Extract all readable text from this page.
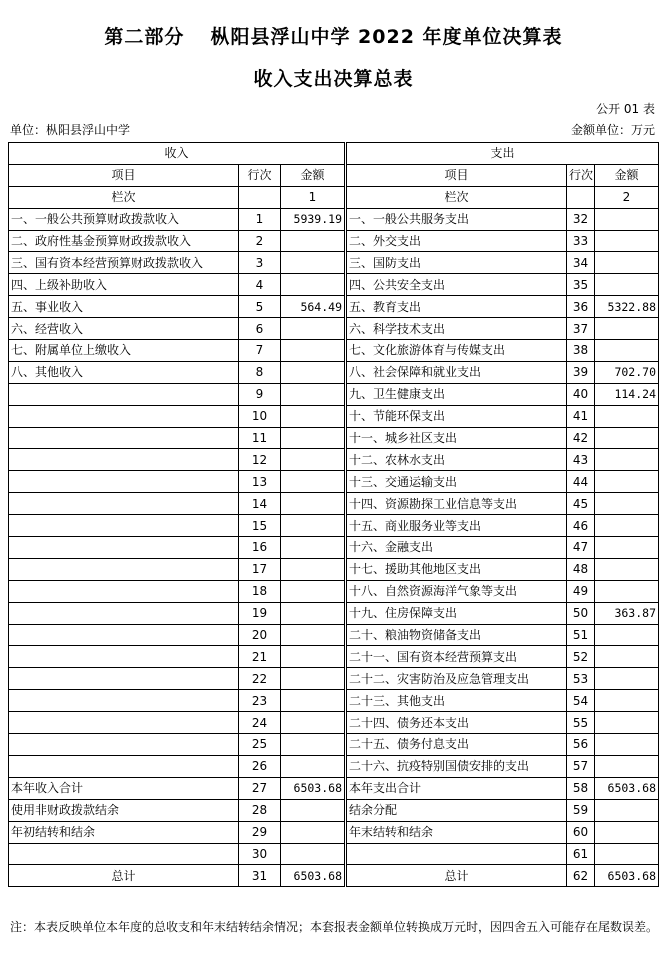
第二部分 枞阳县浮山中学 2022 年度单位决算表
收入支出决算总表
公开 01 表
单位：枞阳县浮山中学	金额单位：万元
收入				支出		
项目	行次	金额		项目	行次	金额
栏次		1		栏次		2
一、一般公共预算财政拨款收入	1	5939.19		一、一般公共服务支出	32	
二、政府性基金预算财政拨款收入	2			二、外交支出	33	
三、国有资本经营预算财政拨款收入	3			三、国防支出	34	
四、上级补助收入	4			四、公共安全支出	35	
五、事业收入	5	564.49		五、教育支出	36	5322.88
六、经营收入	6			六、科学技术支出	37	
七、附属单位上缴收入	7			七、文化旅游体育与传媒支出	38	
八、其他收入	8			八、社会保障和就业支出	39	702.70
	9			九、卫生健康支出	40	114.24
	10			十、节能环保支出	41	
	11			十一、城乡社区支出	42	
	12			十二、农林水支出	43	
	13			十三、交通运输支出	44	
	14			十四、资源勘探工业信息等支出	45	
	15			十五、商业服务业等支出	46	
	16			十六、金融支出	47	
	17			十七、援助其他地区支出	48	
	18			十八、自然资源海洋气象等支出	49	
	19			十九、住房保障支出	50	363.87
	20			二十、粮油物资储备支出	51	
	21			二十一、国有资本经营预算支出	52	
	22			二十二、灾害防治及应急管理支出	53	
	23			二十三、其他支出	54	
	24			二十四、债务还本支出	55	
	25			二十五、债务付息支出	56	
	26			二十六、抗疫特别国债安排的支出	57	
本年收入合计	27	6503.68		本年支出合计	58	6503.68
使用非财政拨款结余	28			结余分配	59	
年初结转和结余	29			年末结转和结余	60	
	30				61	
总计	31	6503.68		总计	62	6503.68
注：本表反映单位本年度的总收支和年末结转结余情况；本套报表金额单位转换成万元时，因四舍五入可能存在尾数误差。
